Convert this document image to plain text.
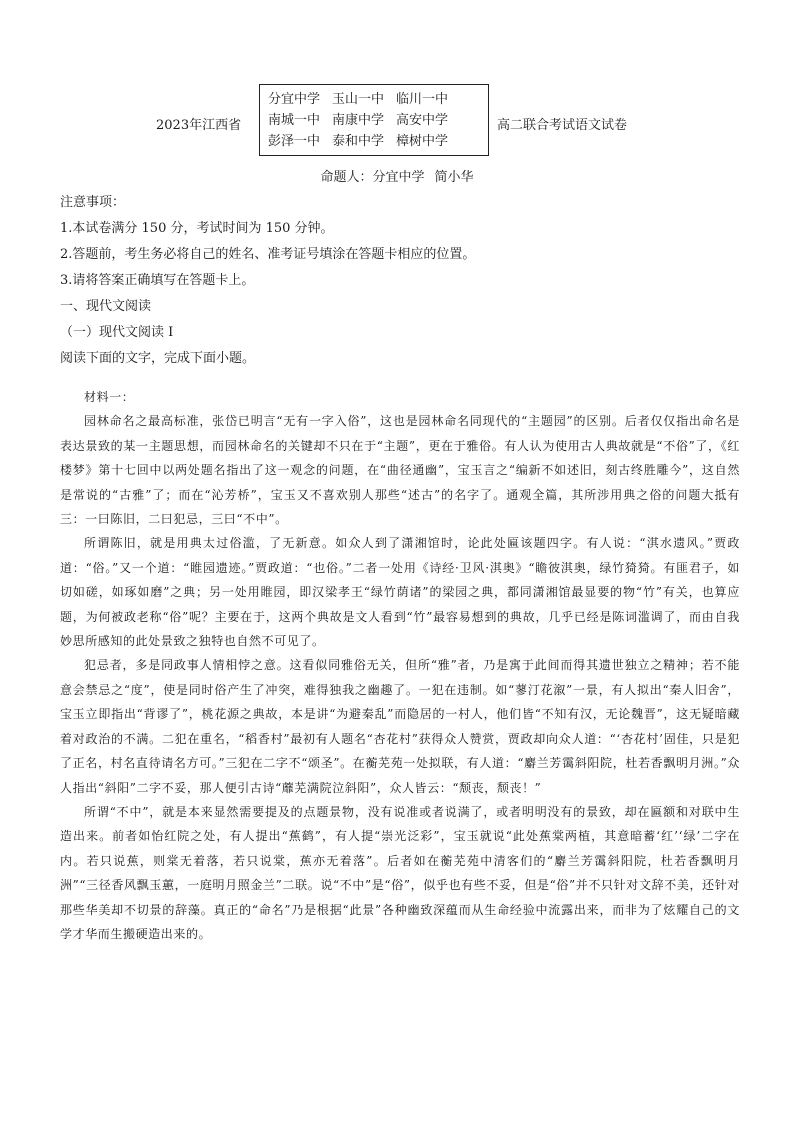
2023年江西省
分宜中学 玉山一中 临川一中
南城一中 南康中学 高安中学
彭泽一中 泰和中学 樟树中学
高二联合考试语文试卷
命题人：分宜中学 简小华
注意事项：
1.本试卷满分 150 分，考试时间为 150 分钟。
2.答题前，考生务必将自己的姓名、准考证号填涂在答题卡相应的位置。
3.请将答案正确填写在答题卡上。
一、现代文阅读
（一）现代文阅读 I
阅读下面的文字，完成下面小题。

材料一：

园林命名之最高标准，张岱已明言“无有一字入俗”，这也是园林命名同现代的“主题园”的区别。后者仅仅指出命名是表达景致的某一主题思想，而园林命名的关键却不只在于“主题”，更在于雅俗。有人认为使用古人典故就是“不俗”了，《红楼梦》第十七回中以两处题名指出了这一观念的问题，在“曲径通幽”，宝玉言之“编新不如述旧，刻古终胜雕今”，这自然是常说的“古雅”了；而在“沁芳桥”，宝玉又不喜欢别人那些“述古”的名字了。通观全篇，其所涉用典之俗的问题大抵有三：一曰陈旧，二曰犯忌，三曰“不中”。

所谓陈旧，就是用典太过俗滥，了无新意。如众人到了潇湘馆时，论此处匾该题四字。有人说：“淇水遗风。”贾政道：“俗。”又一个道：“睢园遗迹。”贾政道：“也俗。”二者一处用《诗经·卫风·淇奥》“瞻彼淇奥，绿竹猗猗。有匪君子，如切如磋，如琢如磨”之典；另一处用睢园，即汉梁孝王“绿竹荫诸”的梁园之典，都同潇湘馆最显要的物“竹”有关，也算应题，为何被政老称“俗”呢？主要在于，这两个典故是文人看到“竹”最容易想到的典故，几乎已经是陈词滥调了，而由自我妙思所感知的此处景致之独特也自然不可见了。

犯忌者，多是同政事人情相悖之意。这看似同雅俗无关，但所“雅”者，乃是寓于此间而得其遗世独立之精神；若不能意会禁忌之“度”，使是同时俗产生了冲突，难得独我之幽趣了。一犯在违制。如“蓼汀花溆”一景，有人拟出“秦人旧舍”，宝玉立即指出“背谬了”，桃花源之典故，本是讲“为避秦乱”而隐居的一村人，他们皆“不知有汉，无论魏晋”，这无疑暗藏着对政治的不满。二犯在重名，“稻香村”最初有人题名“杏花村”获得众人赞赏，贾政却向众人道：“‘杏花村’固佳，只是犯了正名，村名直待请名方可。”三犯在二字不“颂圣”。在蘅芜苑一处拟联，有人道：“麝兰芳霭斜阳院，杜若香飘明月洲。”众人指出“斜阳”二字不妥，那人便引古诗“蘼芜满院泣斜阳”，众人皆云：“颓丧，颓丧！”

所谓“不中”，就是本来显然需要提及的点题景物，没有说准或者说满了，或者明明没有的景致，却在匾额和对联中生造出来。前者如怡红院之处，有人提出“蕉鹤”，有人提“崇光泛彩”，宝玉就说“此处蕉棠两植，其意暗蓄‘红’‘绿’二字在内。若只说蕉，则棠无着落，若只说棠，蕉亦无着落”。后者如在蘅芜苑中清客们的“麝兰芳霭斜阳院，杜若香飘明月洲”“三径香风飘玉蕙，一庭明月照金兰”二联。说“不中”是“俗”，似乎也有些不妥，但是“俗”并不只针对文辞不美，还针对那些华美却不切景的辞藻。真正的“命名”乃是根据“此景”各种幽致深蕴而从生命经验中流露出来，而非为了炫耀自己的文学才华而生搬硬造出来的。
